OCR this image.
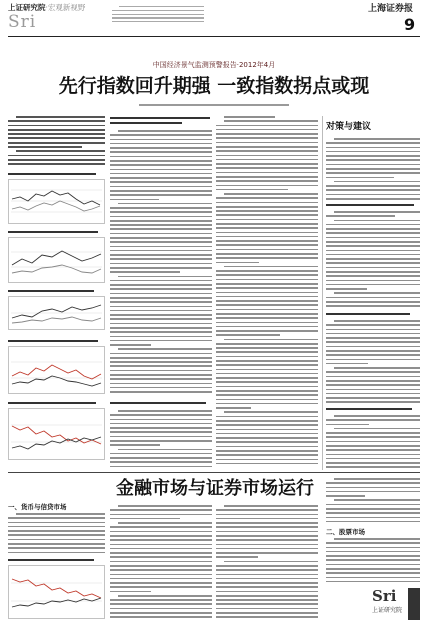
上证研究院·宏观新视野
Sri
上海证券报
9
中国经济景气监测预警报告·2012年4月
先行指数回升期强 一致指数拐点或现
对策与建议
金融市场与证券市场运行
一、货币与信贷市场
二、股票市场
Sri
上证研究院
